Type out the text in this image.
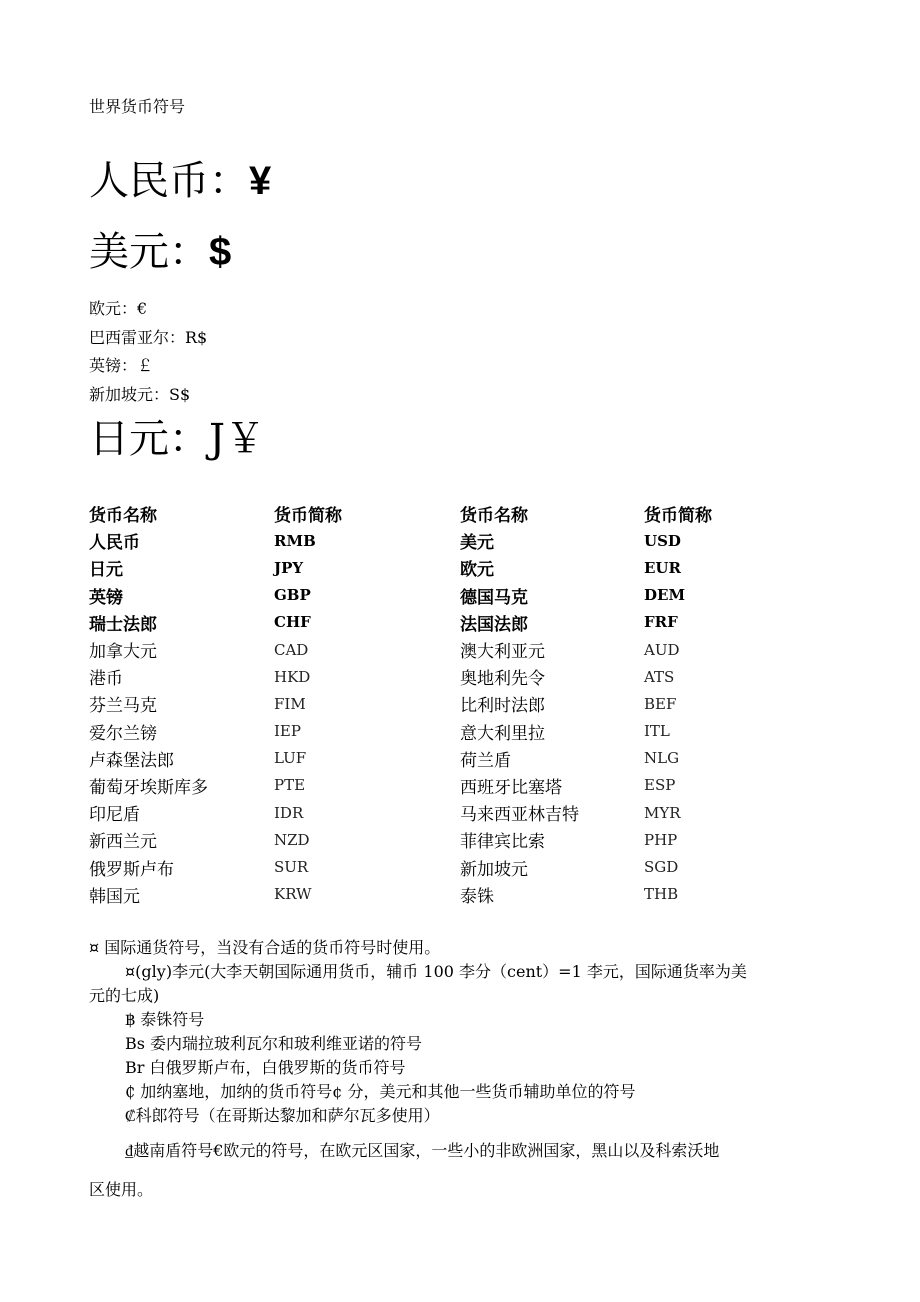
世界货币符号
人民币：¥
美元：$
欧元：€
巴西雷亚尔：R$
英镑：￡
新加坡元：S$
日元：J￥
货币名称	货币简称	货币名称	货币简称
人民币	RMB	美元	USD
日元	JPY	欧元	EUR
英镑	GBP	德国马克	DEM
瑞士法郎	CHF	法国法郎	FRF
加拿大元	CAD	澳大利亚元	AUD
港币	HKD	奥地利先令	ATS
芬兰马克	FIM	比利时法郎	BEF
爱尔兰镑	IEP	意大利里拉	ITL
卢森堡法郎	LUF	荷兰盾	NLG
葡萄牙埃斯库多	PTE	西班牙比塞塔	ESP
印尼盾	IDR	马来西亚林吉特	MYR
新西兰元	NZD	菲律宾比索	PHP
俄罗斯卢布	SUR	新加坡元	SGD
韩国元	KRW	泰铢	THB
¤ 国际通货符号，当没有合适的货币符号时使用。
¤(gly)李元(大李天朝国际通用货币，辅币 100 李分（cent）=1 李元，国际通货率为美
元的七成)
฿ 泰铢符号
Bs 委内瑞拉玻利瓦尔和玻利维亚诺的符号
Br 白俄罗斯卢布，白俄罗斯的货币符号
₵ 加纳塞地，加纳的货币符号¢ 分，美元和其他一些货币辅助单位的符号
₡科郎符号（在哥斯达黎加和萨尔瓦多使用）
₫越南盾符号€欧元的符号，在欧元区国家，一些小的非欧洲国家，黑山以及科索沃地
区使用。
